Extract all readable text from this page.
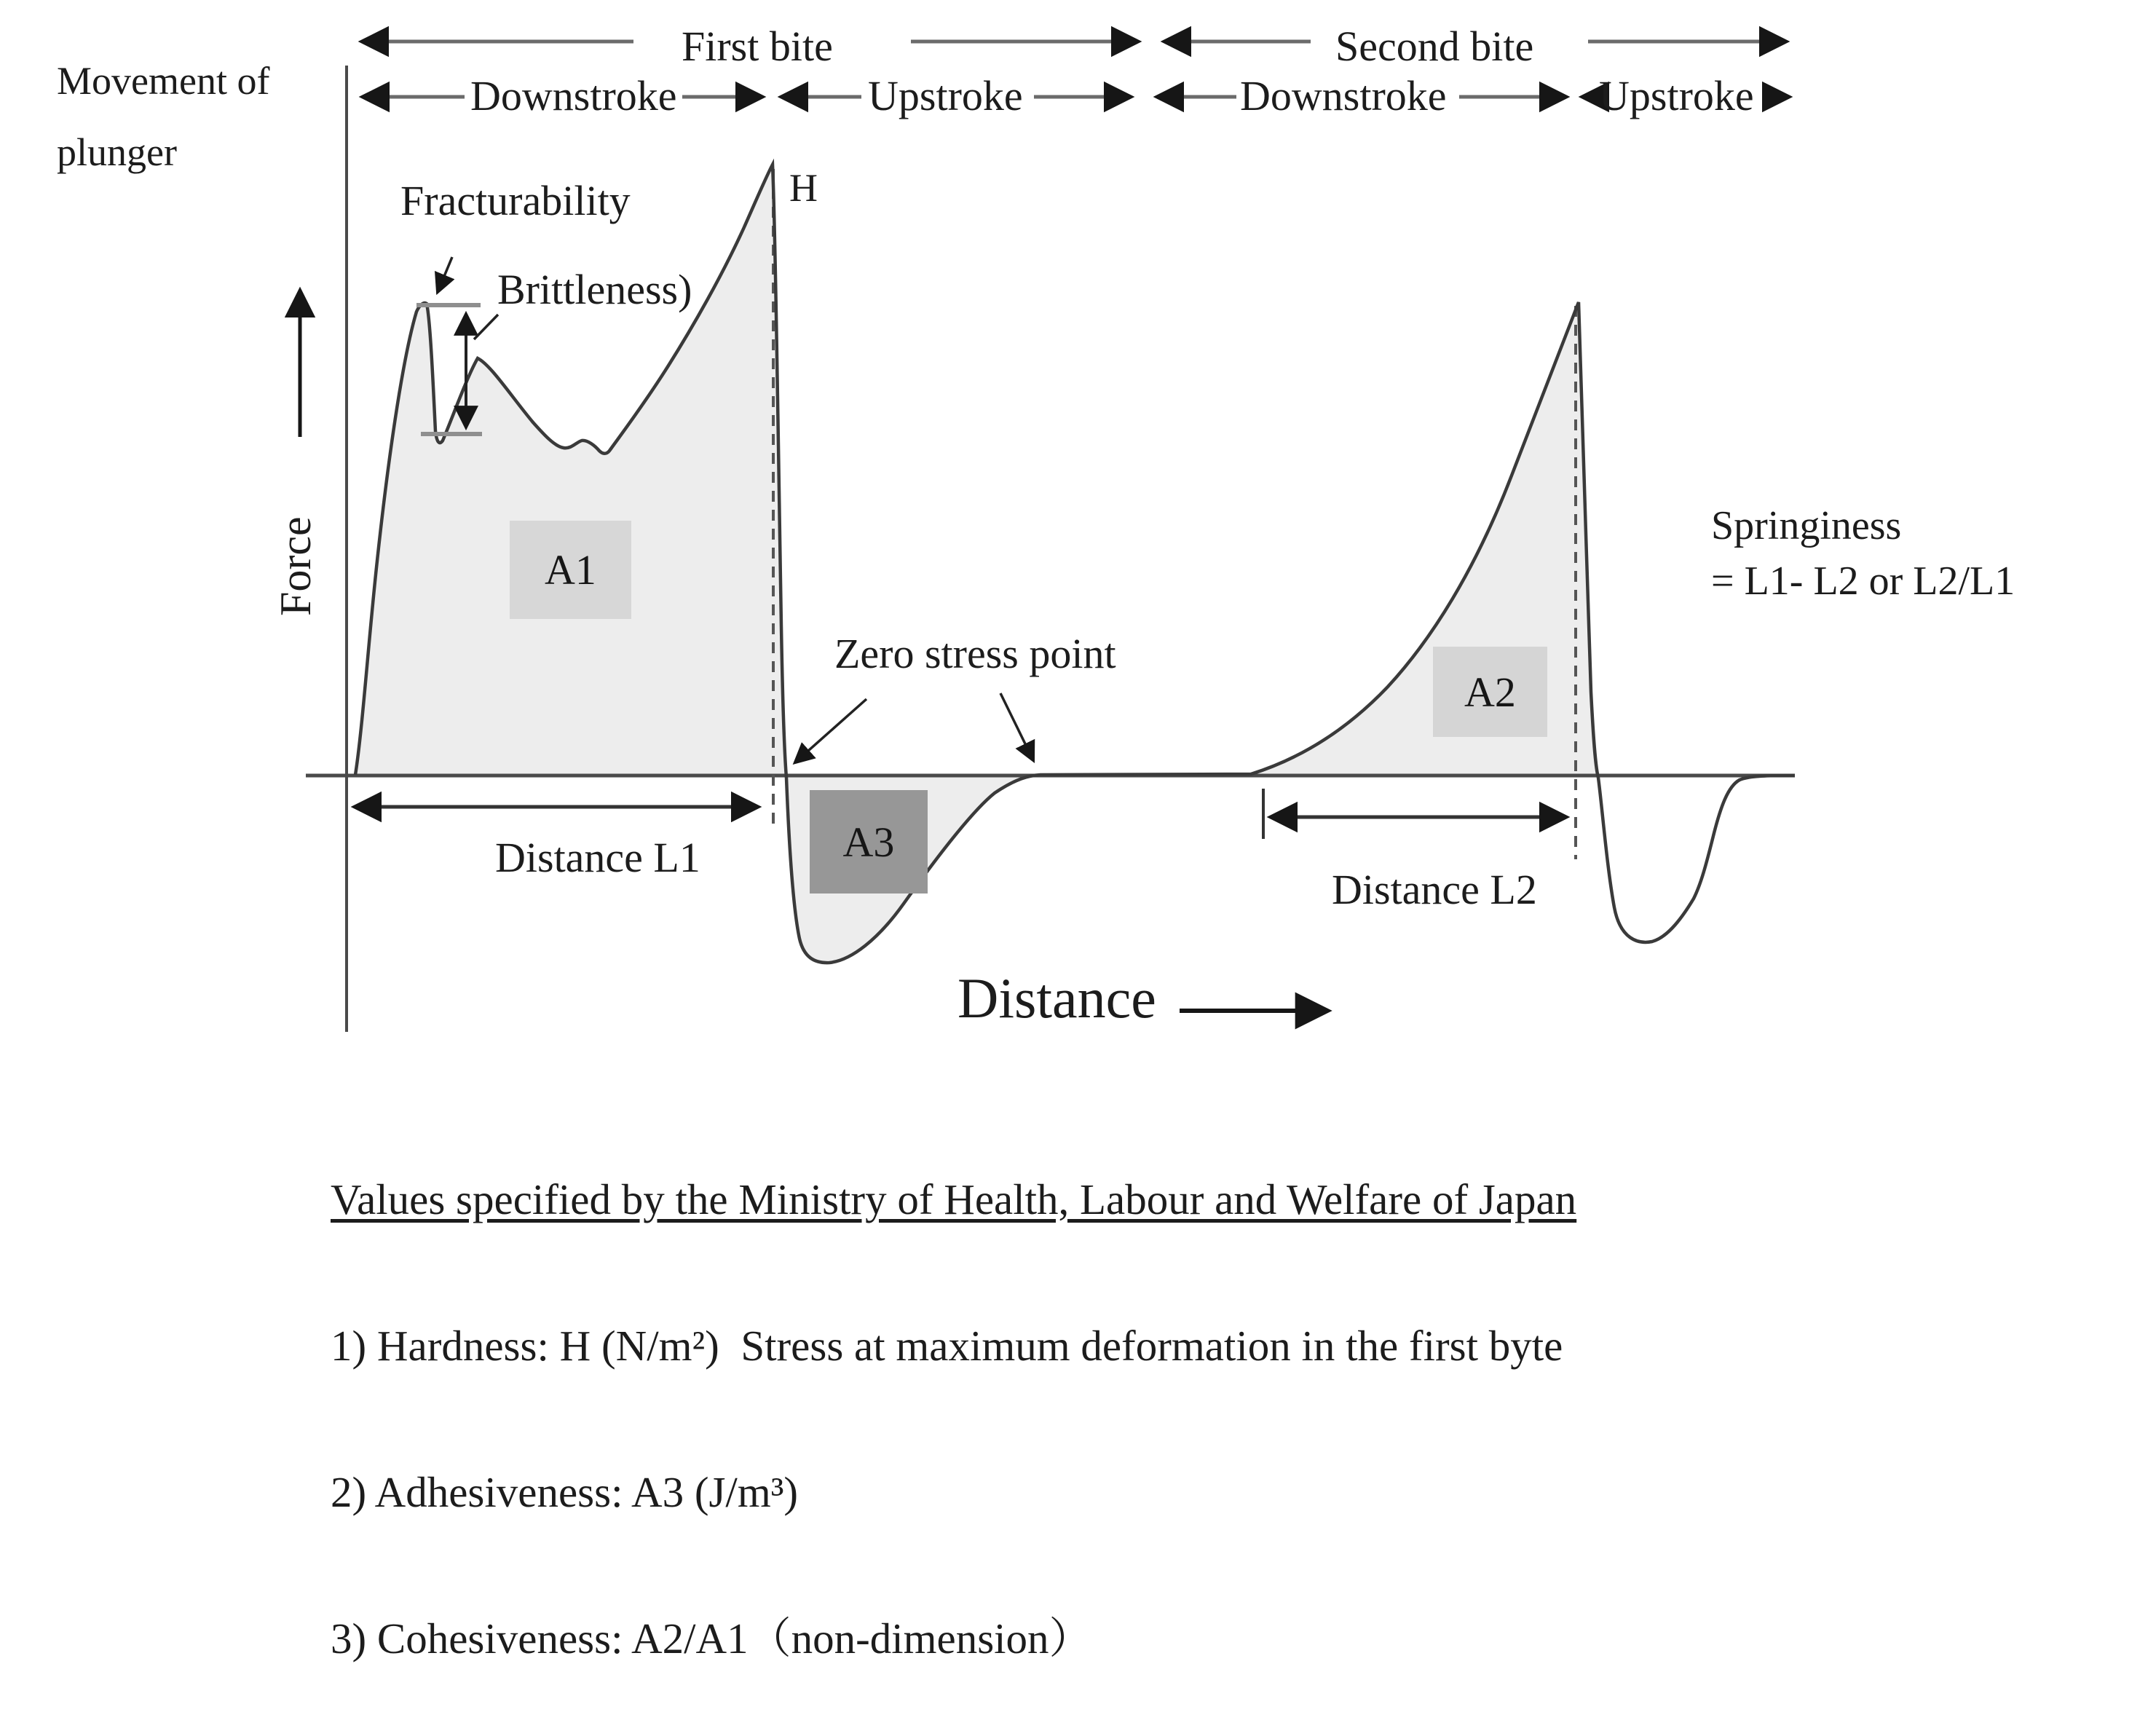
Movement of
plunger
First bite	Second bite
Downstroke	Upstroke	Downstroke	Upstroke
Fracturability
Brittleness)
H
Force	A1
A2
A3
Zero stress point
Distance L1
Distance L2
Springiness
= L1- L2 or L2/L1
Distance

Values specified by the Ministry of Health, Labour and Welfare of Japan

1) Hardness: H (N/m²)  Stress at maximum deformation in the first byte

2) Adhesiveness: A3 (J/m³)

3) Cohesiveness: A2/A1（non-dimension）
